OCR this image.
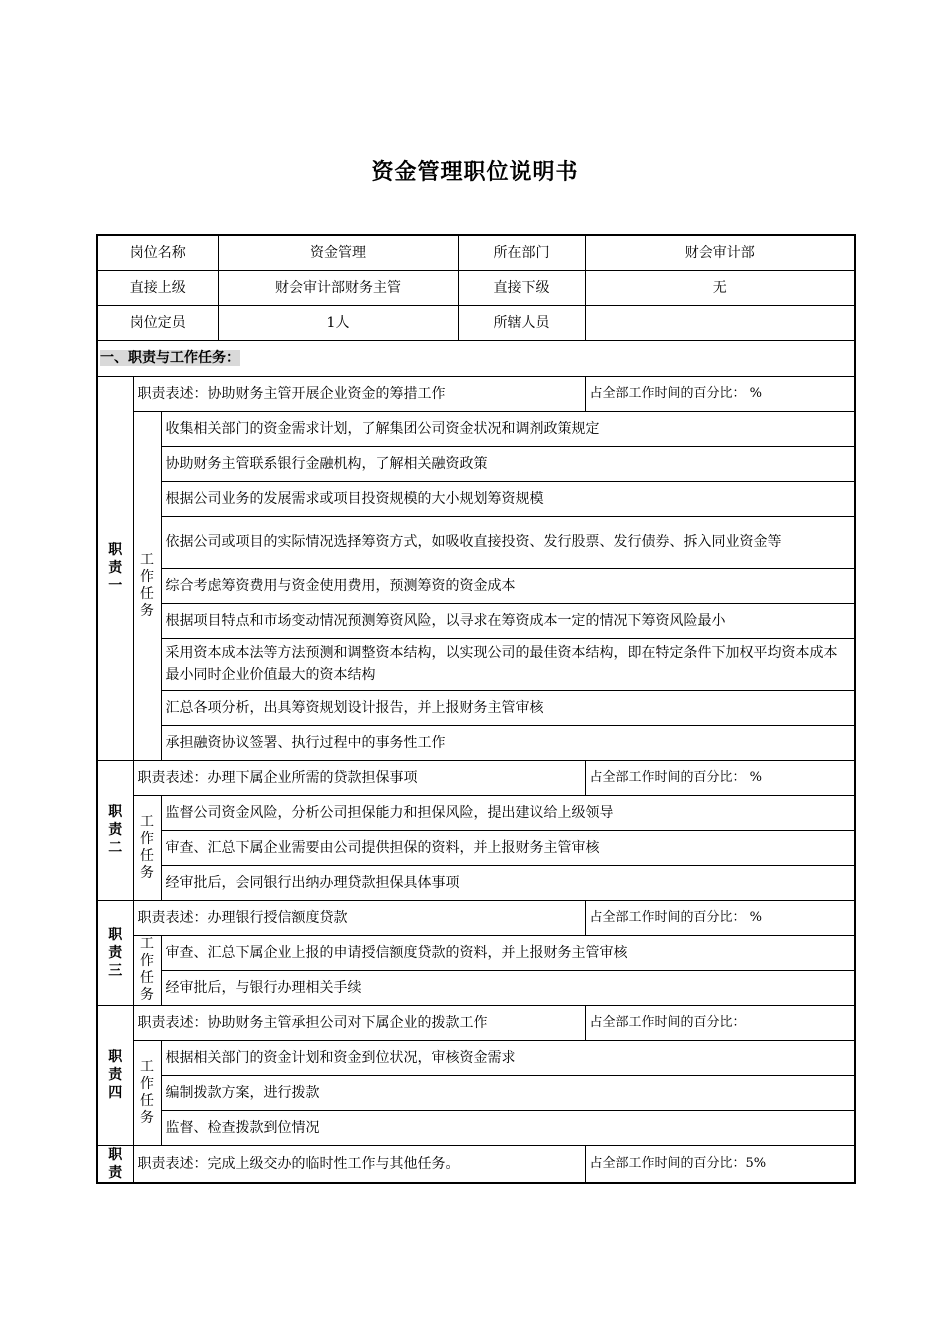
资金管理职位说明书
岗位名称			资金管理	所在部门	财会审计部
直接上级			财会审计部财务主管	直接下级	无
岗位定员			1人	所辖人员	
一、职责与工作任务：					
职责一	职责表述：协助财务主管开展企业资金的筹措工作				占全部工作时间的百分比： %
	工作任务	收集相关部门的资金需求计划，了解集团公司资金状况和调剂政策规定			
		协助财务主管联系银行金融机构，了解相关融资政策			
		根据公司业务的发展需求或项目投资规模的大小规划筹资规模			
		依据公司或项目的实际情况选择筹资方式，如吸收直接投资、发行股票、发行债券、拆入同业资金等			
		综合考虑筹资费用与资金使用费用，预测筹资的资金成本			
		根据项目特点和市场变动情况预测筹资风险，以寻求在筹资成本一定的情况下筹资风险最小			
		采用资本成本法等方法预测和调整资本结构，以实现公司的最佳资本结构，即在特定条件下加权平均资本成本最小同时企业价值最大的资本结构			
		汇总各项分析，出具筹资规划设计报告，并上报财务主管审核			
		承担融资协议签署、执行过程中的事务性工作			
职责二	职责表述：办理下属企业所需的贷款担保事项				占全部工作时间的百分比： %
	工作任务	监督公司资金风险，分析公司担保能力和担保风险，提出建议给上级领导			
		审查、汇总下属企业需要由公司提供担保的资料，并上报财务主管审核			
		经审批后，会同银行出纳办理贷款担保具体事项			
职责三	职责表述：办理银行授信额度贷款				占全部工作时间的百分比： %
	工作任务	审查、汇总下属企业上报的申请授信额度贷款的资料，并上报财务主管审核			
		经审批后，与银行办理相关手续			
职责四	职责表述：协助财务主管承担公司对下属企业的拨款工作				占全部工作时间的百分比：
	工作任务	根据相关部门的资金计划和资金到位状况，审核资金需求			
		编制拨款方案，进行拨款			
		监督、检查拨款到位情况			
职责	职责表述：完成上级交办的临时性工作与其他任务。				占全部工作时间的百分比：5%
